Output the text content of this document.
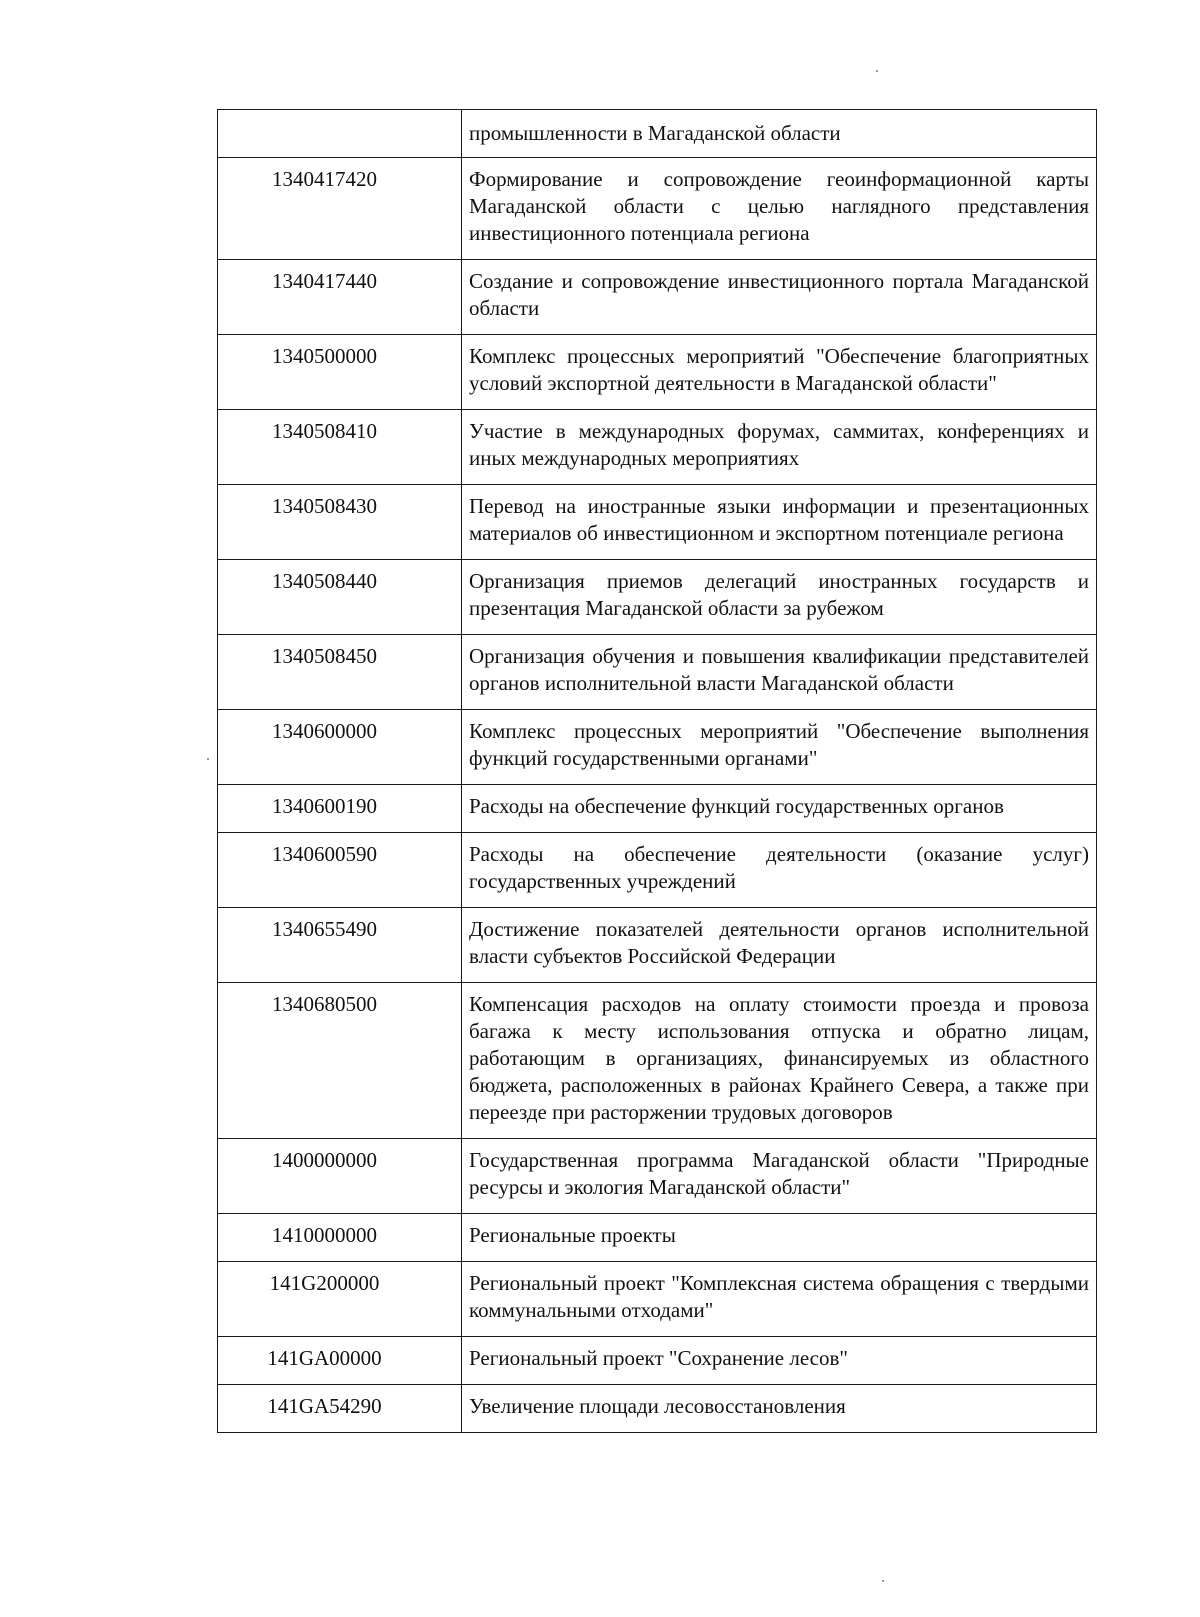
	промышленности в Магаданской области
1340417420	Формирование и сопровождение геоинформационной карты Магаданской области с целью наглядного представления инвестиционного потенциала региона
1340417440	Создание и сопровождение инвестиционного портала Магаданской области
1340500000	Комплекс процессных мероприятий "Обеспечение благоприятных условий экспортной деятельности в Магаданской области"
1340508410	Участие в международных форумах, саммитах, конференциях и иных международных мероприятиях
1340508430	Перевод на иностранные языки информации и презентационных материалов об инвестиционном и экспортном потенциале региона
1340508440	Организация приемов делегаций иностранных государств и презентация Магаданской области за рубежом
1340508450	Организация обучения и повышения квалификации представителей органов исполнительной власти Магаданской области
1340600000	Комплекс процессных мероприятий "Обеспечение выполнения функций государственными органами"
1340600190	Расходы на обеспечение функций государственных органов
1340600590	Расходы на обеспечение деятельности (оказание услуг) государственных учреждений
1340655490	Достижение показателей деятельности органов исполнительной власти субъектов Российской Федерации
1340680500	Компенсация расходов на оплату стоимости проезда и провоза багажа к месту использования отпуска и обратно лицам, работающим в организациях, финансируемых из областного бюджета, расположенных в районах Крайнего Севера, а также при переезде при расторжении трудовых договоров
1400000000	Государственная программа Магаданской области "Природные ресурсы и экология Магаданской области"
1410000000	Региональные проекты
141G200000	Региональный проект "Комплексная система обращения с твердыми коммунальными отходами"
141GA00000	Региональный проект "Сохранение лесов"
141GA54290	Увеличение площади лесовосстановления
